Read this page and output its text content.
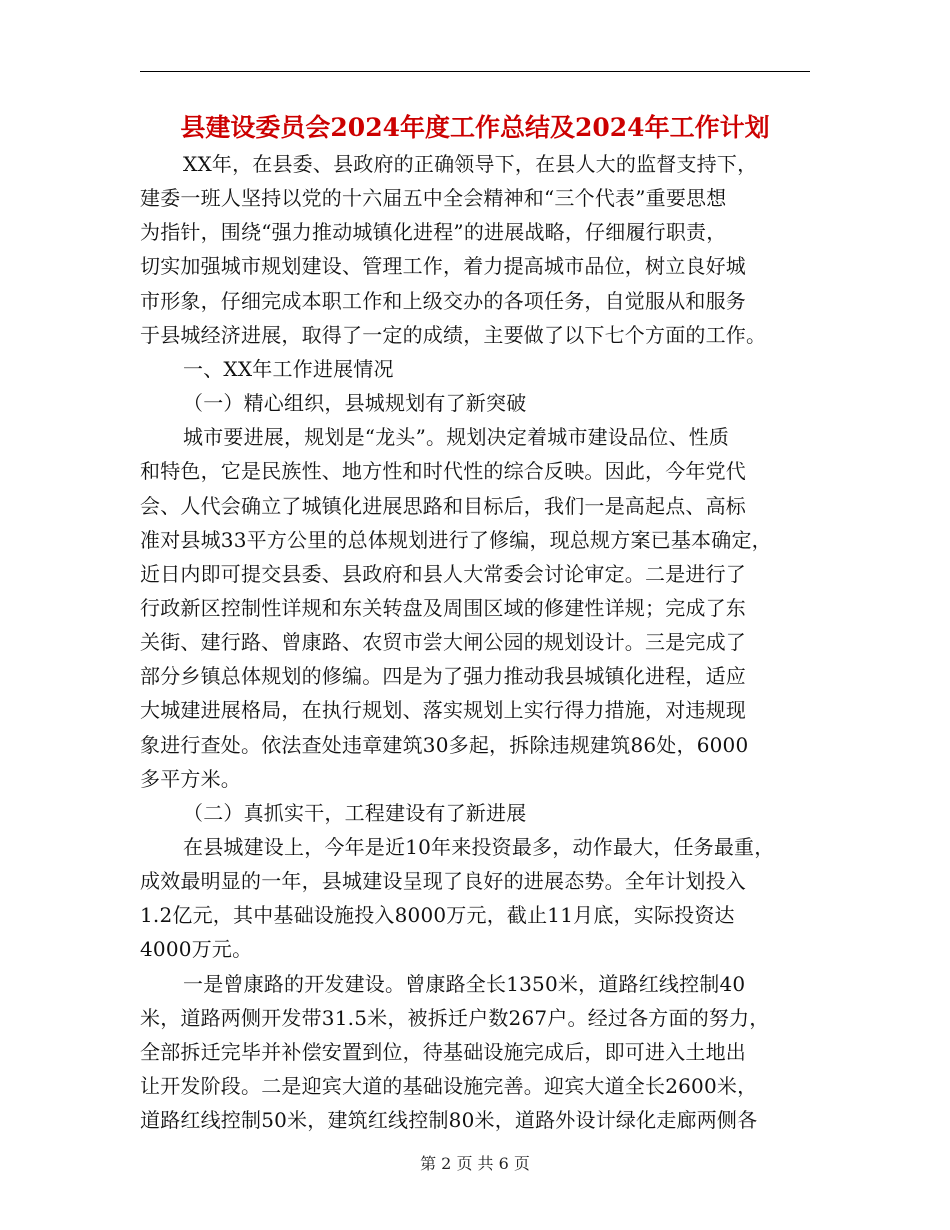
县建设委员会2024年度工作总结及2024年工作计划
XX年，在县委、县政府的正确领导下，在县人大的监督支持下，
建委一班人坚持以党的十六届五中全会精神和“三个代表”重要思想
为指针，围绕“强力推动城镇化进程”的进展战略，仔细履行职责，
切实加强城市规划建设、管理工作，着力提高城市品位，树立良好城
市形象，仔细完成本职工作和上级交办的各项任务，自觉服从和服务
于县城经济进展，取得了一定的成绩，主要做了以下七个方面的工作。
一、XX年工作进展情况
（一）精心组织，县城规划有了新突破
城市要进展，规划是“龙头”。规划决定着城市建设品位、性质
和特色，它是民族性、地方性和时代性的综合反映。因此，今年党代
会、人代会确立了城镇化进展思路和目标后，我们一是高起点、高标
准对县城33平方公里的总体规划进行了修编，现总规方案已基本确定，
近日内即可提交县委、县政府和县人大常委会讨论审定。二是进行了
行政新区控制性详规和东关转盘及周围区域的修建性详规；完成了东
关街、建行路、曾康路、农贸市尝大闸公园的规划设计。三是完成了
部分乡镇总体规划的修编。四是为了强力推动我县城镇化进程，适应
大城建进展格局，在执行规划、落实规划上实行得力措施，对违规现
象进行查处。依法查处违章建筑30多起，拆除违规建筑86处，6000
多平方米。
（二）真抓实干，工程建设有了新进展
在县城建设上，今年是近10年来投资最多，动作最大，任务最重，
成效最明显的一年，县城建设呈现了良好的进展态势。全年计划投入
1.2亿元，其中基础设施投入8000万元，截止11月底，实际投资达
4000万元。
一是曾康路的开发建设。曾康路全长1350米，道路红线控制40
米，道路两侧开发带31.5米，被拆迁户数267户。经过各方面的努力，
全部拆迁完毕并补偿安置到位，待基础设施完成后，即可进入土地出
让开发阶段。二是迎宾大道的基础设施完善。迎宾大道全长2600米，
道路红线控制50米，建筑红线控制80米，道路外设计绿化走廊两侧各
第 2 页 共 6 页
